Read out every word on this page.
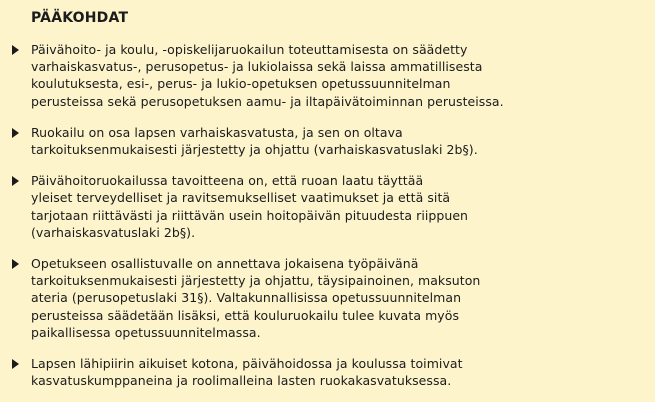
PÄÄKOHDAT
Päivähoito- ja koulu, -opiskelijaruokailun toteuttamisesta on säädetty
varhaiskasvatus-, perusopetus- ja lukiolaissa sekä laissa ammatillisesta
koulutuksesta, esi-, perus- ja lukio-opetuksen opetussuunnitelman
perusteissa sekä perusopetuksen aamu- ja iltapäivätoiminnan perusteissa.
Ruokailu on osa lapsen varhaiskasvatusta, ja sen on oltava
tarkoituksenmukaisesti järjestetty ja ohjattu (varhaiskasvatuslaki 2b§).
Päivähoitoruokailussa tavoitteena on, että ruoan laatu täyttää
yleiset terveydelliset ja ravitsemukselliset vaatimukset ja että sitä
tarjotaan riittävästi ja riittävän usein hoitopäivän pituudesta riippuen
(varhaiskasvatuslaki 2b§).
Opetukseen osallistuvalle on annettava jokaisena työpäivänä
tarkoituksenmukaisesti järjestetty ja ohjattu, täysipainoinen, maksuton
ateria (perusopetuslaki 31§). Valtakunnallisissa opetussuunnitelman
perusteissa säädetään lisäksi, että kouluruokailu tulee kuvata myös
paikallisessa opetussuunnitelmassa.
Lapsen lähipiirin aikuiset kotona, päivähoidossa ja koulussa toimivat
kasvatuskumppaneina ja roolimalleina lasten ruokakasvatuksessa.
